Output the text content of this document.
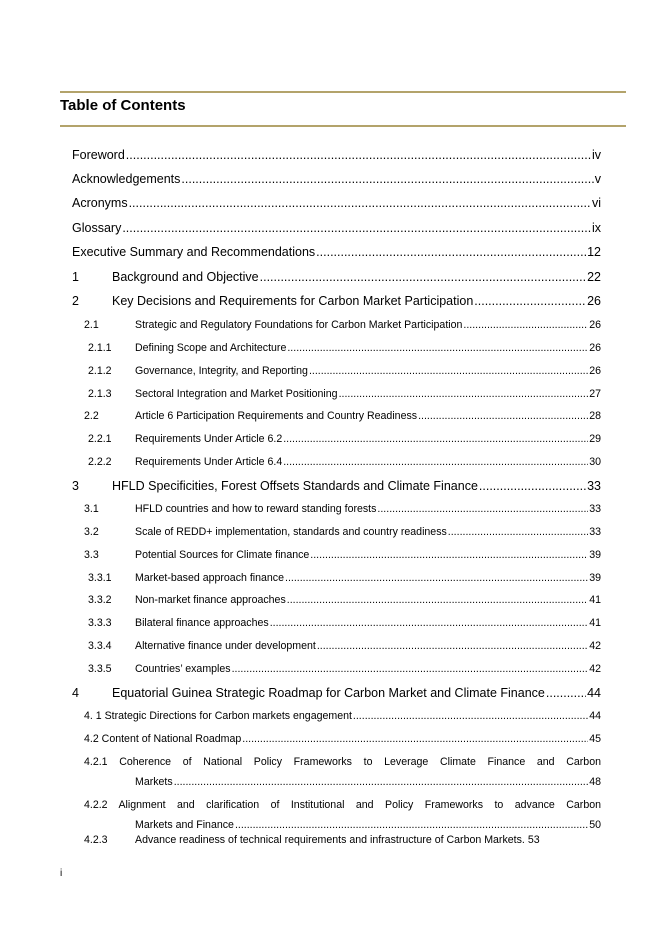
Table of Contents
Foreword .....	iv
Acknowledgements .....	v
Acronyms .....	vi
Glossary .....	ix
Executive Summary and Recommendations .....	12
1	Background and Objective .....	22
2	Key Decisions and Requirements for Carbon Market Participation .....	26
2.1	Strategic and Regulatory Foundations for Carbon Market Participation .....	26
2.1.1 Defining Scope and Architecture .....	26
2.1.2 Governance, Integrity, and Reporting .....	26
2.1.3 Sectoral Integration and Market Positioning .....	27
2.2	Article 6 Participation Requirements and Country Readiness .....	28
2.2.1 Requirements Under Article 6.2 .....	29
2.2.2 Requirements Under Article 6.4 .....	30
3	HFLD Specificities, Forest Offsets Standards and Climate Finance .....	33
3.1	HFLD countries and how to reward standing forests .....	33
3.2	Scale of REDD+ implementation, standards and country readiness .....	33
3.3	Potential Sources for Climate finance .....	39
3.3.1 Market-based approach finance .....	39
3.3.2 Non-market finance approaches .....	41
3.3.3 Bilateral finance approaches .....	41
3.3.4 Alternative finance under development .....	42
3.3.5 Countries’ examples .....	42
4	Equatorial Guinea Strategic Roadmap for Carbon Market and Climate Finance .....	44
4. 1 Strategic Directions for Carbon markets engagement .....	44
4.2 Content of National Roadmap .....	45
4.2.1 Coherence of National Policy Frameworks to Leverage Climate Finance and Carbon
Markets .....	48
4.2.2 Alignment and clarification of Institutional and Policy Frameworks to advance Carbon
Markets and Finance .....	50
4.2.3	Advance readiness of technical requirements and infrastructure of Carbon Markets. 53
i
